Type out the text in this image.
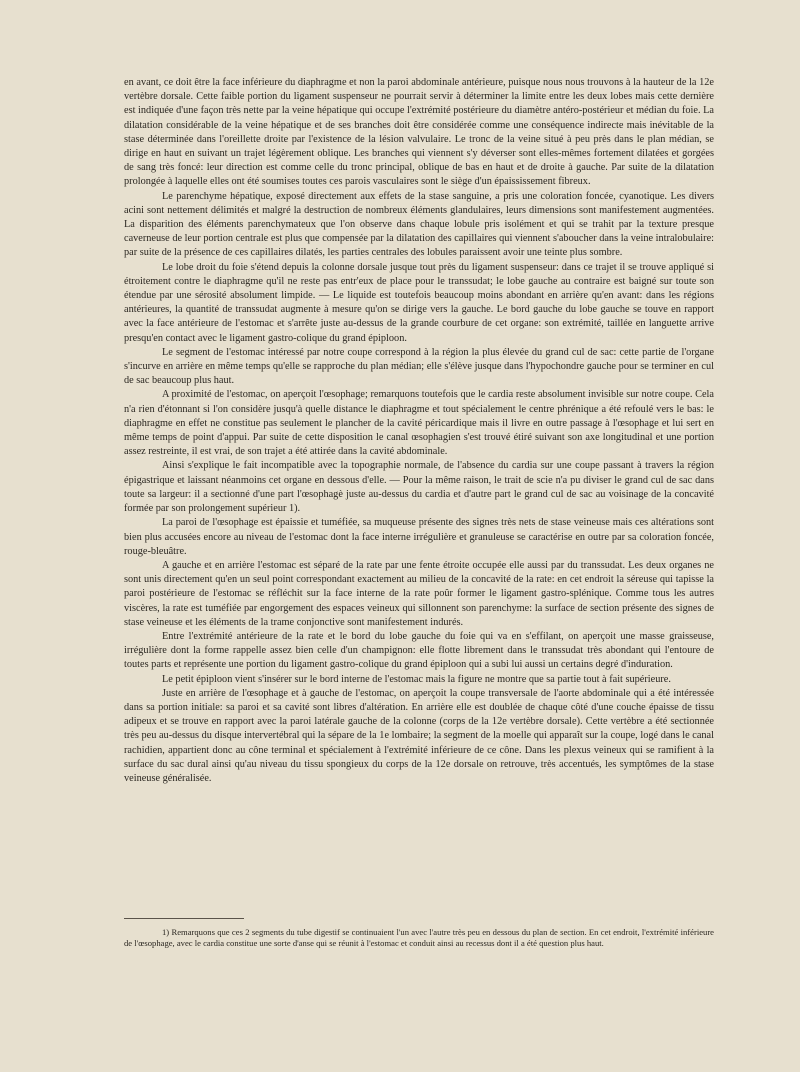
en avant, ce doit être la face inférieure du diaphragme et non la paroi abdominale antérieure, puisque nous nous trouvons à la hauteur de la 12e vertèbre dorsale. Cette faible portion du ligament suspenseur ne pourrait servir à déterminer la limite entre les deux lobes mais cette dernière est indiquée d'une façon très nette par la veine hépatique qui occupe l'extrémité postérieure du diamètre antéro-postérieur et médian du foie. La dilatation considérable de la veine hépatique et de ses branches doit être considérée comme une conséquence indirecte mais inévitable de la stase déterminée dans l'oreillette droite par l'existence de la lésion valvulaire. Le tronc de la veine situé à peu près dans le plan médian, se dirige en haut en suivant un trajet légèrement oblique. Les branches qui viennent s'y déverser sont elles-mêmes fortement dilatées et gorgées de sang très foncé: leur direction est comme celle du tronc principal, oblique de bas en haut et de droite à gauche. Par suite de la dilatation prolongée à laquelle elles ont été soumises toutes ces parois vasculaires sont le siège d'un épaississement fibreux.

Le parenchyme hépatique, exposé directement aux effets de la stase sanguine, a pris une coloration foncée, cyanotique. Les divers acini sont nettement délimités et malgré la destruction de nombreux éléments glandulaires, leurs dimensions sont manifestement augmentées. La disparition des éléments parenchymateux que l'on observe dans chaque lobule pris isolément et qui se trahit par la texture presque caverneuse de leur portion centrale est plus que compensée par la dilatation des capillaires qui viennent s'aboucher dans la veine intralobulaire: par suite de la présence de ces capillaires dilatés, les parties centrales des lobules paraissent avoir une teinte plus sombre.

Le lobe droit du foie s'étend depuis la colonne dorsale jusque tout près du ligament suspenseur: dans ce trajet il se trouve appliqué si étroitement contre le diaphragme qu'il ne reste pas entr'eux de place pour le transsudat; le lobe gauche au contraire est baigné sur toute son étendue par une sérosité absolument limpide. — Le liquide est toutefois beaucoup moins abondant en arrière qu'en avant: dans les régions antérieures, la quantité de transsudat augmente à mesure qu'on se dirige vers la gauche. Le bord gauche du lobe gauche se touve en rapport avec la face antérieure de l'estomac et s'arrête juste au-dessus de la grande courbure de cet organe: son extrémité, taillée en languette arrive presqu'en contact avec le ligament gastro-colique du grand épiploon.

Le segment de l'estomac intéressé par notre coupe correspond à la région la plus élevée du grand cul de sac: cette partie de l'organe s'incurve en arrière en même temps qu'elle se rapproche du plan médian; elle s'élève jusque dans l'hypochondre gauche pour se terminer en cul de sac beaucoup plus haut.

A proximité de l'estomac, on aperçoit l'œsophage; remarquons toutefois que le cardia reste absolument invisible sur notre coupe. Cela n'a rien d'étonnant si l'on considère jusqu'à quelle distance le diaphragme et tout spécialement le centre phrénique a été refoulé vers le bas: le diaphragme en effet ne constitue pas seulement le plancher de la cavité péricardique mais il livre en outre passage à l'œsophage et lui sert en même temps de point d'appui. Par suite de cette disposition le canal œsophagien s'est trouvé étiré suivant son axe longitudinal et une portion assez restreinte, il est vrai, de son trajet a été attirée dans la cavité abdominale.

Ainsi s'explique le fait incompatible avec la topographie normale, de l'absence du cardia sur une coupe passant à travers la région épigastrique et laissant néanmoins cet organe en dessous d'elle. — Pour la même raison, le trait de scie n'a pu diviser le grand cul de sac dans toute sa largeur: il a sectionné d'une part l'œsophagè juste au-dessus du cardia et d'autre part le grand cul de sac au voisinage de la concavité formée par son prolongement supérieur 1).

La paroi de l'œsophage est épaissie et tuméfiée, sa muqueuse présente des signes très nets de stase veineuse mais ces altérations sont bien plus accusées encore au niveau de l'estomac dont la face interne irrégulière et granuleuse se caractérise en outre par sa coloration foncée, rouge-bleuâtre.

A gauche et en arrière l'estomac est séparé de la rate par une fente étroite occupée elle aussi par du transsudat. Les deux organes ne sont unis directement qu'en un seul point correspondant exactement au milieu de la concavité de la rate: en cet endroit la séreuse qui tapisse la paroi postérieure de l'estomac se réfléchit sur la face interne de la rate poûr former le ligament gastro-splénique. Comme tous les autres viscères, la rate est tuméfiée par engorgement des espaces veineux qui sillonnent son parenchyme: la surface de section présente des signes de stase veineuse et les éléments de la trame conjonctive sont manifestement indurés.

Entre l'extrémité antérieure de la rate et le bord du lobe gauche du foie qui va en s'effilant, on aperçoit une masse graisseuse, irrégulière dont la forme rappelle assez bien celle d'un champignon: elle flotte librement dans le transsudat très abondant qui l'entoure de toutes parts et représente une portion du ligament gastro-colique du grand épiploon qui a subi lui aussi un certains degré d'induration.

Le petit épiploon vient s'insérer sur le bord interne de l'estomac mais la figure ne montre que sa partie tout à fait supérieure.

Juste en arrière de l'œsophage et à gauche de l'estomac, on aperçoit la coupe transversale de l'aorte abdominale qui a été intéressée dans sa portion initiale: sa paroi et sa cavité sont libres d'altération. En arrière elle est doublée de chaque côté d'une couche épaisse de tissu adipeux et se trouve en rapport avec la paroi latérale gauche de la colonne (corps de la 12e vertèbre dorsale). Cette vertèbre a été sectionnée très peu au-dessus du disque intervertébral qui la sépare de la 1e lombaire; la segment de la moelle qui apparaît sur la coupe, logé dans le canal rachidien, appartient donc au cône terminal et spécialement à l'extrémité inférieure de ce cône. Dans les plexus veineux qui se ramifient à la surface du sac dural ainsi qu'au niveau du tissu spongieux du corps de la 12e dorsale on retrouve, très accentués, les symptômes de la stase veineuse généralisée.

1) Remarquons que ces 2 segments du tube digestif se continuaient l'un avec l'autre très peu en dessous du plan de section. En cet endroit, l'extrémité inférieure de l'œsophage, avec le cardia constitue une sorte d'anse qui se réunit à l'estomac et conduit ainsi au recessus dont il a été question plus haut.
